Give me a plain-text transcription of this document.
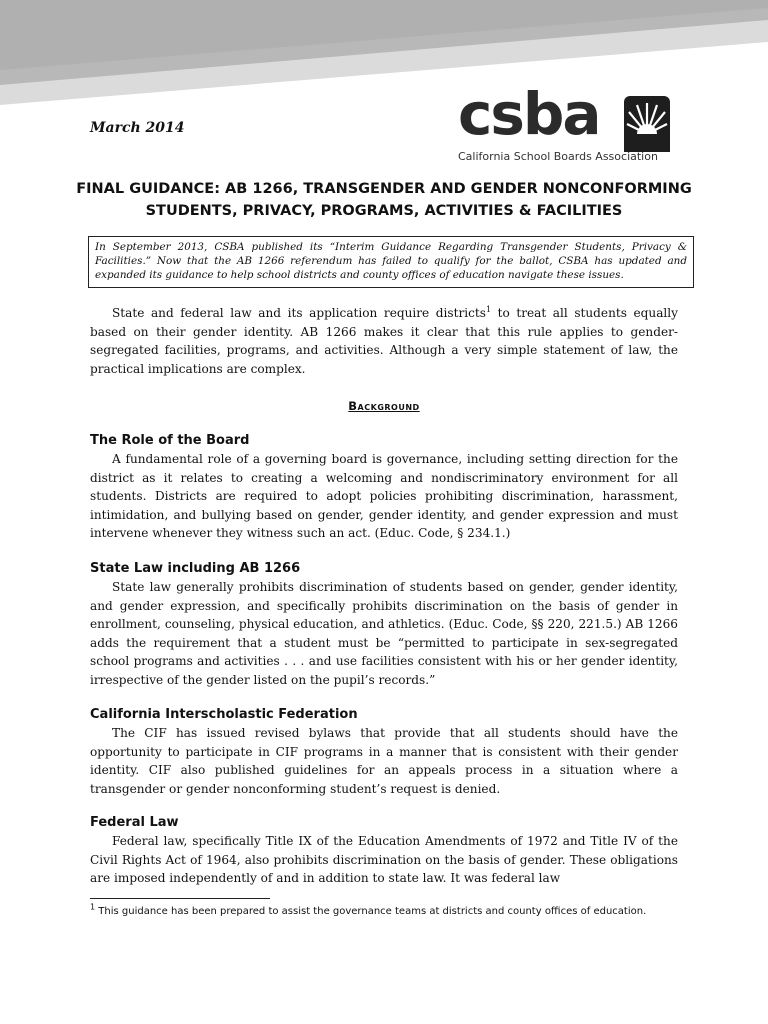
March 2014	csba
California School Boards Association
FINAL GUIDANCE: AB 1266, TRANSGENDER AND GENDER NONCONFORMING
STUDENTS, PRIVACY, PROGRAMS, ACTIVITIES & FACILITIES
In September 2013, CSBA published its “Interim Guidance Regarding Transgender Students, Privacy & Facilities.” Now that the AB 1266 referendum has failed to qualify for the ballot, CSBA has updated and expanded its guidance to help school districts and county offices of education navigate these issues.

State and federal law and its application require districts$^1$ to treat all students equally based on their gender identity. AB 1266 makes it clear that this rule applies to gender-segregated facilities, programs, and activities. Although a very simple statement of law, the practical implications are complex.

Background
The Role of the Board

A fundamental role of a governing board is governance, including setting direction for the district as it relates to creating a welcoming and nondiscriminatory environment for all students. Districts are required to adopt policies prohibiting discrimination, harassment, intimidation, and bullying based on gender, gender identity, and gender expression and must intervene whenever they witness such an act. (Educ. Code, § 234.1.)

State Law including AB 1266

State law generally prohibits discrimination of students based on gender, gender identity, and gender expression, and specifically prohibits discrimination on the basis of gender in enrollment, counseling, physical education, and athletics. (Educ. Code, §§ 220, 221.5.) AB 1266 adds the requirement that a student must be “permitted to participate in sex-segregated school programs and activities . . . and use facilities consistent with his or her gender identity, irrespective of the gender listed on the pupil’s records.”

California Interscholastic Federation

The CIF has issued revised bylaws that provide that all students should have the opportunity to participate in CIF programs in a manner that is consistent with their gender identity. CIF also published guidelines for an appeals process in a situation where a transgender or gender nonconforming student’s request is denied.

Federal Law

Federal law, specifically Title IX of the Education Amendments of 1972 and Title IV of the Civil Rights Act of 1964, also prohibits discrimination on the basis of gender. These obligations are imposed independently of and in addition to state law. It was federal law

$^1$ This guidance has been prepared to assist the governance teams at districts and county offices of education.
